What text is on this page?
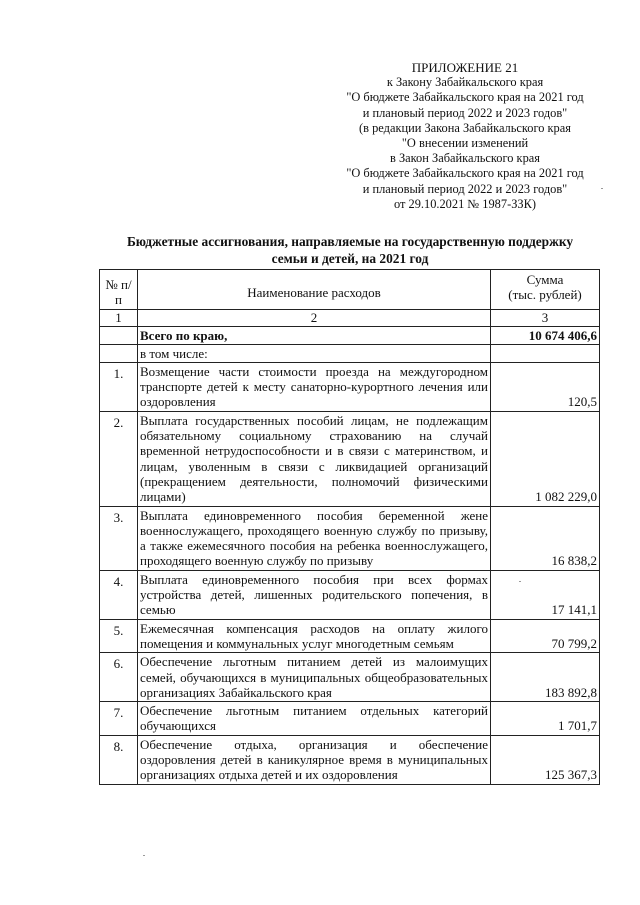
ПРИЛОЖЕНИЕ 21
к Закону Забайкальского края
"О бюджете Забайкальского края на 2021 год
и плановый период 2022 и 2023 годов"
(в редакции Закона Забайкальского края
"О внесении изменений
в Закон Забайкальского края
"О бюджете Забайкальского края на 2021 год
и плановый период 2022 и 2023 годов"
от 29.10.2021 № 1987-ЗЗК)
Бюджетные ассигнования, направляемые на государственную поддержку
семьи и детей, на 2021 год
№ п/п	Наименование расходов	Сумма
(тыс. рублей)

1	2	3
	Всего по краю,	10 674 406,6
	в том числе:	
1.	Возмещение части стоимости проезда на междугородном транспорте детей к месту санаторно-курортного лечения или оздоровления	120,5
2.	Выплата государственных пособий лицам, не подлежащим обязательному социальному страхованию на случай временной нетрудоспособности и в связи с материнством, и лицам, уволенным в связи с ликвидацией организаций (прекращением деятельности, полномочий физическими лицами)	1 082 229,0
3.	Выплата единовременного пособия беременной жене военнослужащего, проходящего военную службу по призыву, а также ежемесячного пособия на ребенка военнослужащего, проходящего военную службу по призыву	16 838,2
4.	Выплата единовременного пособия при всех формах устройства детей, лишенных родительского попечения, в семью	17 141,1
5.	Ежемесячная компенсация расходов на оплату жилого помещения и коммунальных услуг многодетным семьям	70 799,2
6.	Обеспечение льготным питанием детей из малоимущих семей, обучающихся в муниципальных общеобразовательных организациях Забайкальского края	183 892,8
7.	Обеспечение льготным питанием отдельных категорий обучающихся	1 701,7
8.	Обеспечение отдыха, организация и обеспечение оздоровления детей в каникулярное время в муниципальных организациях отдыха детей и их оздоровления	125 367,3
